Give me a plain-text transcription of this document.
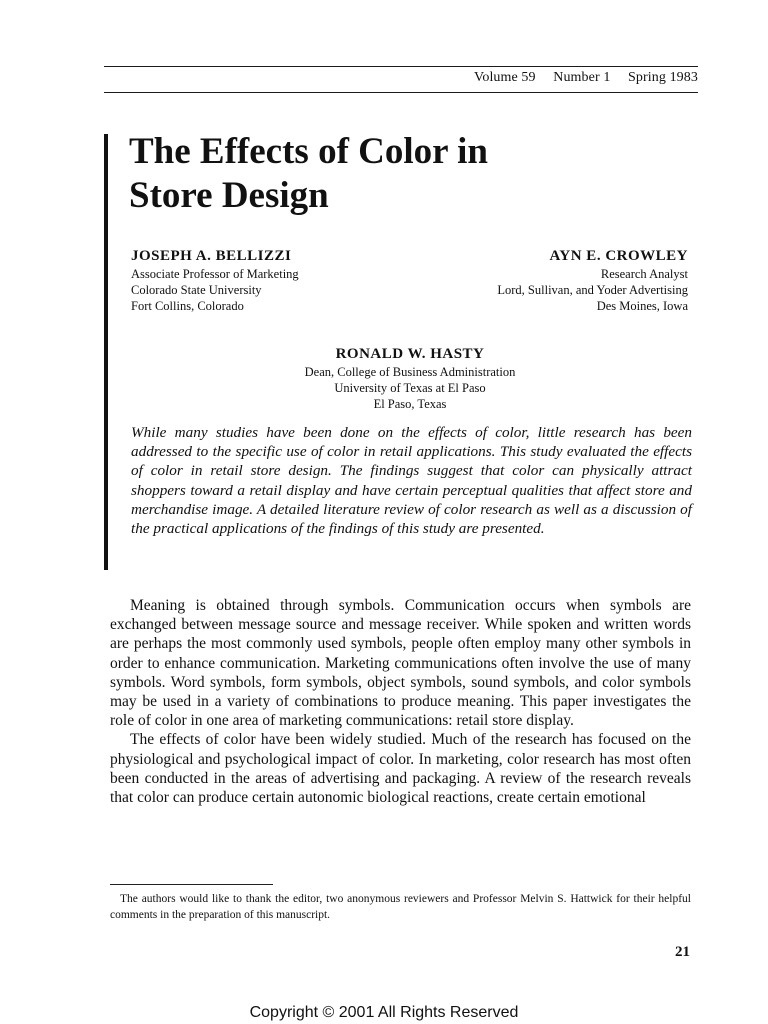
Volume 59 Number 1 Spring 1983
The Effects of Color in
Store Design
JOSEPH A. BELLIZZI
Associate Professor of Marketing
Colorado State University
Fort Collins, Colorado
AYN E. CROWLEY
Research Analyst
Lord, Sullivan, and Yoder Advertising
Des Moines, Iowa
RONALD W. HASTY
Dean, College of Business Administration
University of Texas at El Paso
El Paso, Texas

While many studies have been done on the effects of color, little research has been addressed to the specific use of color in retail applications. This study evaluated the effects of color in retail store design. The findings suggest that color can physically attract shoppers toward a retail display and have certain perceptual qualities that affect store and merchandise image. A detailed literature review of color research as well as a discussion of the practical applications of the findings of this study are presented.

Meaning is obtained through symbols. Communication occurs when symbols are exchanged between message source and message receiver. While spoken and written words are perhaps the most commonly used symbols, people often employ many other symbols in order to enhance communication. Marketing communications often involve the use of many symbols. Word symbols, form symbols, object symbols, sound symbols, and color symbols may be used in a variety of combinations to produce meaning. This paper investigates the role of color in one area of marketing communications: retail store display.

The effects of color have been widely studied. Much of the research has focused on the physiological and psychological impact of color. In marketing, color research has most often been conducted in the areas of advertising and packaging. A review of the research reveals that color can produce certain autonomic biological reactions, create certain emotional

The authors would like to thank the editor, two anonymous reviewers and Professor Melvin S. Hattwick for their helpful comments in the preparation of this manuscript.

21
Copyright © 2001 All Rights Reserved
